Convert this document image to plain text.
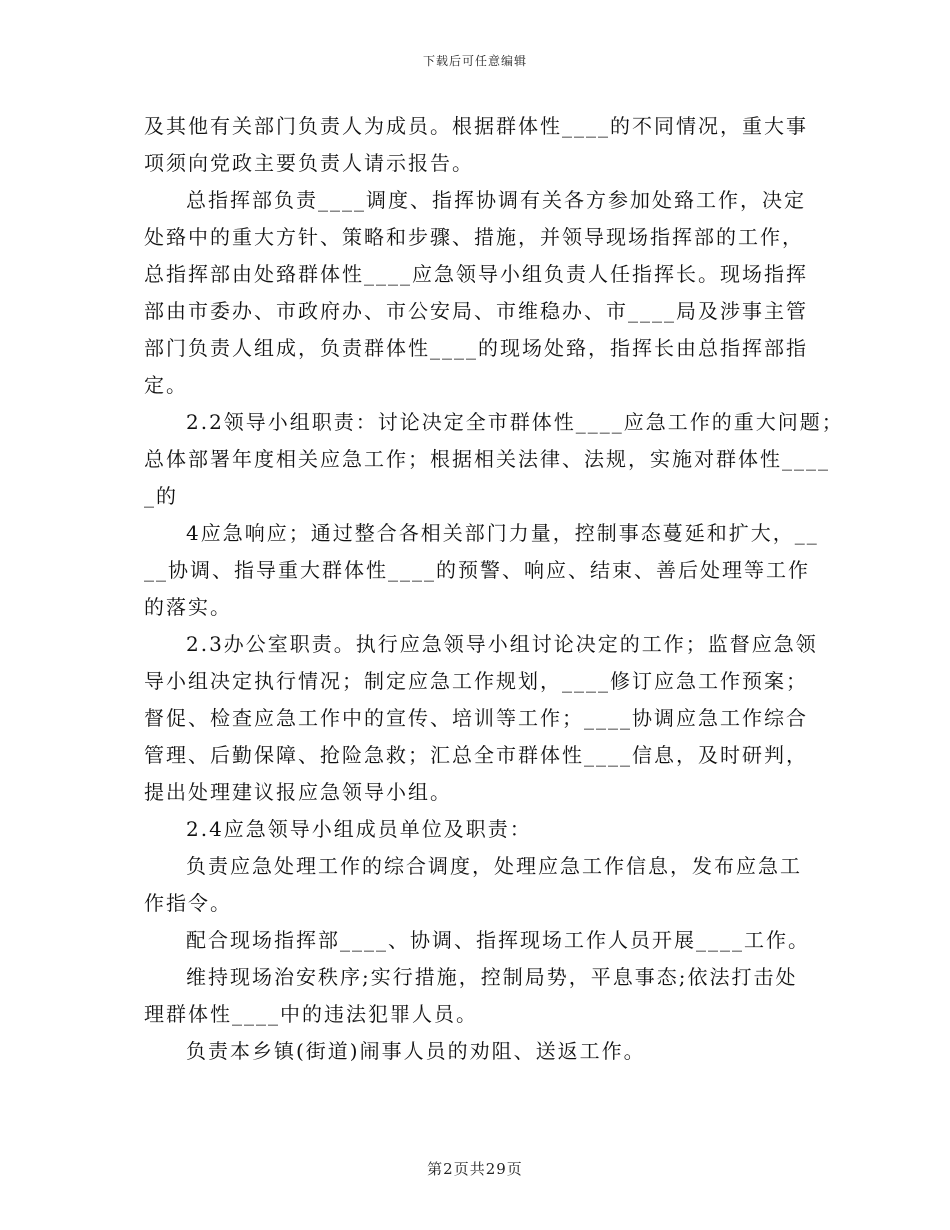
下载后可任意编辑

及其他有关部门负责人为成员。根据群体性____的不同情况，重大事

项须向党政主要负责人请示报告。

总指挥部负责____调度、指挥协调有关各方参加处臵工作，决定

处臵中的重大方针、策略和步骤、措施，并领导现场指挥部的工作，

总指挥部由处臵群体性____应急领导小组负责人任指挥长。现场指挥

部由市委办、市政府办、市公安局、市维稳办、市____局及涉事主管

部门负责人组成，负责群体性____的现场处臵，指挥长由总指挥部指

定。

2.2领导小组职责：讨论决定全市群体性____应急工作的重大问题；

总体部署年度相关应急工作；根据相关法律、法规，实施对群体性____

_的

4应急响应；通过整合各相关部门力量，控制事态蔓延和扩大，__

__协调、指导重大群体性____的预警、响应、结束、善后处理等工作

的落实。

2.3办公室职责。执行应急领导小组讨论决定的工作；监督应急领

导小组决定执行情况；制定应急工作规划，____修订应急工作预案；

督促、检查应急工作中的宣传、培训等工作；____协调应急工作综合

管理、后勤保障、抢险急救；汇总全市群体性____信息，及时研判，

提出处理建议报应急领导小组。

2.4应急领导小组成员单位及职责：

负责应急处理工作的综合调度，处理应急工作信息，发布应急工

作指令。

配合现场指挥部____、协调、指挥现场工作人员开展____工作。

维持现场治安秩序;实行措施，控制局势，平息事态;依法打击处

理群体性____中的违法犯罪人员。

负责本乡镇(街道)闹事人员的劝阻、送返工作。

第2页共29页
